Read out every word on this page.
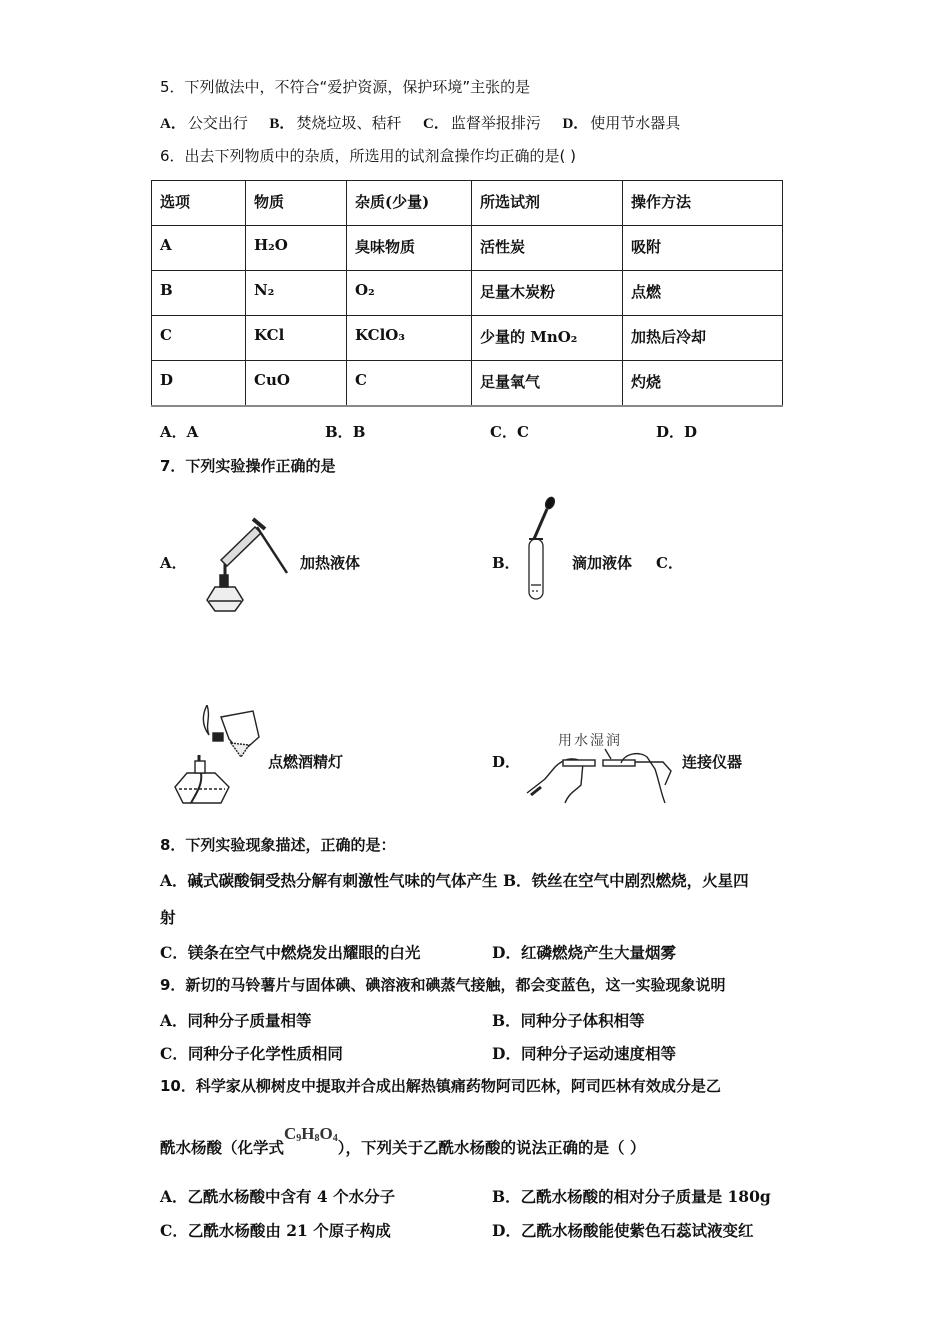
5．下列做法中，不符合“爱护资源，保护环境”主张的是
A． 公交出行 B． 焚烧垃圾、秸秆 C． 监督举报排污 D． 使用节水器具
6．出去下列物质中的杂质，所选用的试剂盒操作均正确的是( )
选项	物质	杂质(少量)	所选试剂	操作方法
A	H₂O	臭味物质	活性炭	吸附
B	N₂	O₂	足量木炭粉	点燃
C	KCl	KClO₃	少量的 MnO₂	加热后冷却
D	CuO	C	足量氧气	灼烧
A．A	B．B	C．C	D．D
7．下列实验操作正确的是
A．	加热液体	B．	滴加液体 C．
点燃酒精灯	D．
用水湿润
连接仪器
8．下列实验现象描述，正确的是：
A．碱式碳酸铜受热分解有刺激性气味的气体产生 B．铁丝在空气中剧烈燃烧，火星四
射
C．镁条在空气中燃烧发出耀眼的白光	D．红磷燃烧产生大量烟雾
9．新切的马铃薯片与固体碘、碘溶液和碘蒸气接触，都会变蓝色，这一实验现象说明
A．同种分子质量相等	B．同种分子体积相等
C．同种分子化学性质相同	D．同种分子运动速度相等
10．科学家从柳树皮中提取并合成出解热镇痛药物阿司匹林，阿司匹林有效成分是乙
酰水杨酸（化学式$C_9H_8O_4$），下列关于乙酰水杨酸的说法正确的是（ ）
A．乙酰水杨酸中含有 4 个水分子	B．乙酰水杨酸的相对分子质量是 180g
C．乙酰水杨酸由 21 个原子构成	D．乙酰水杨酸能使紫色石蕊试液变红
